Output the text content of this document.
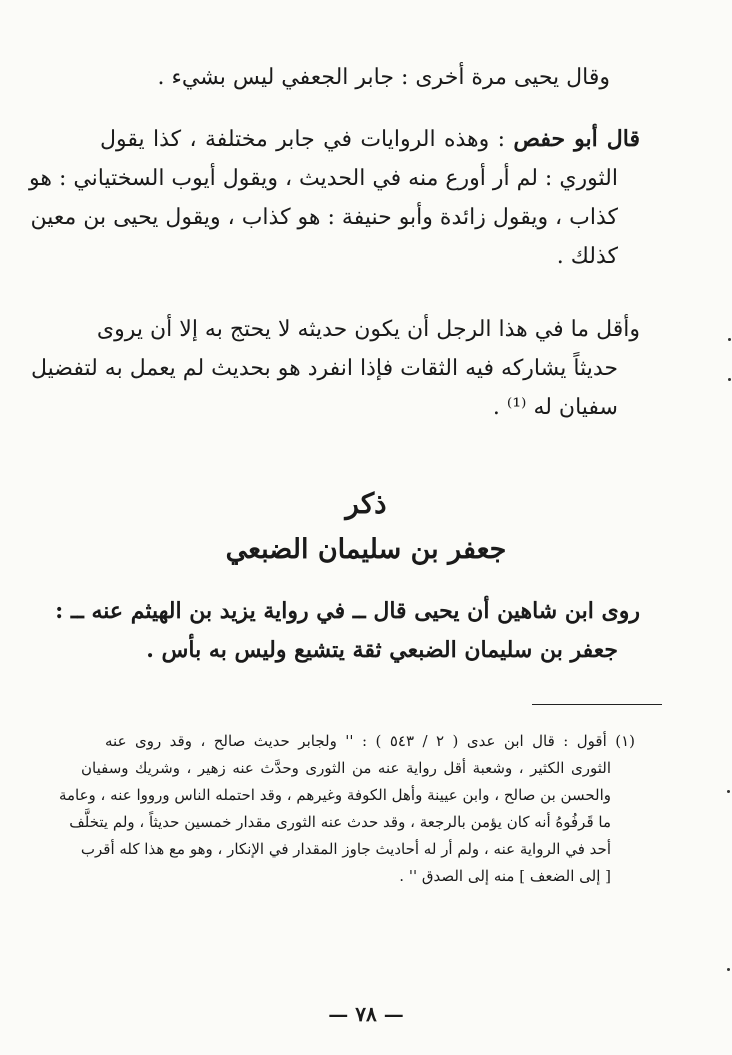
وقال يحيى مرة أخرى : جابر الجعفي ليس بشيء .
قال أبو حفص : وهذه الروايات في جابر مختلفة ، كذا يقول
الثوري : لم أر أورع منه في الحديث ، ويقول أيوب السختياني : هو
كذاب ، ويقول زائدة وأبو حنيفة : هو كذاب ، ويقول يحيى بن معين
كذلك .
وأقل ما في هذا الرجل أن يكون حديثه لا يحتج به إلا أن يروى
حديثاً يشاركه فيه الثقات فإذا انفرد هو بحديث لم يعمل به لتفضيل
سفيان له ⁽¹⁾ .
ذكر
جعفر بن سليمان الضبعي
روى ابن شاهين أن يحيى قال ــ في رواية يزيد بن الهيثم عنه ــ :
جعفر بن سليمان الضبعي ثقة يتشيع وليس به بأس .
(١) أقول : قال ابن عدى ( ٢ / ٥٤٣ ) : '' ولجابر حديث صالح ، وقد روى عنه
الثورى الكثير ، وشعبة أقل رواية عنه من الثورى وحدَّث عنه زهير ، وشريك وسفيان
والحسن بن صالح ، وابن عيينة وأهل الكوفة وغيرهم ، وقد احتمله الناس ورووا عنه ، وعامة
ما قَرفُوهُ أنه كان يؤمن بالرجعة ، وقد حدث عنه الثورى مقدار خمسين حديثاً ، ولم يتخلَّف
أحد في الرواية عنه ، ولم أر له أحاديث جاوز المقدار في الإنكار ، وهو مع هذا كله أقرب
[ إلى الضعف ] منه إلى الصدق '' .
— ٧٨ —
